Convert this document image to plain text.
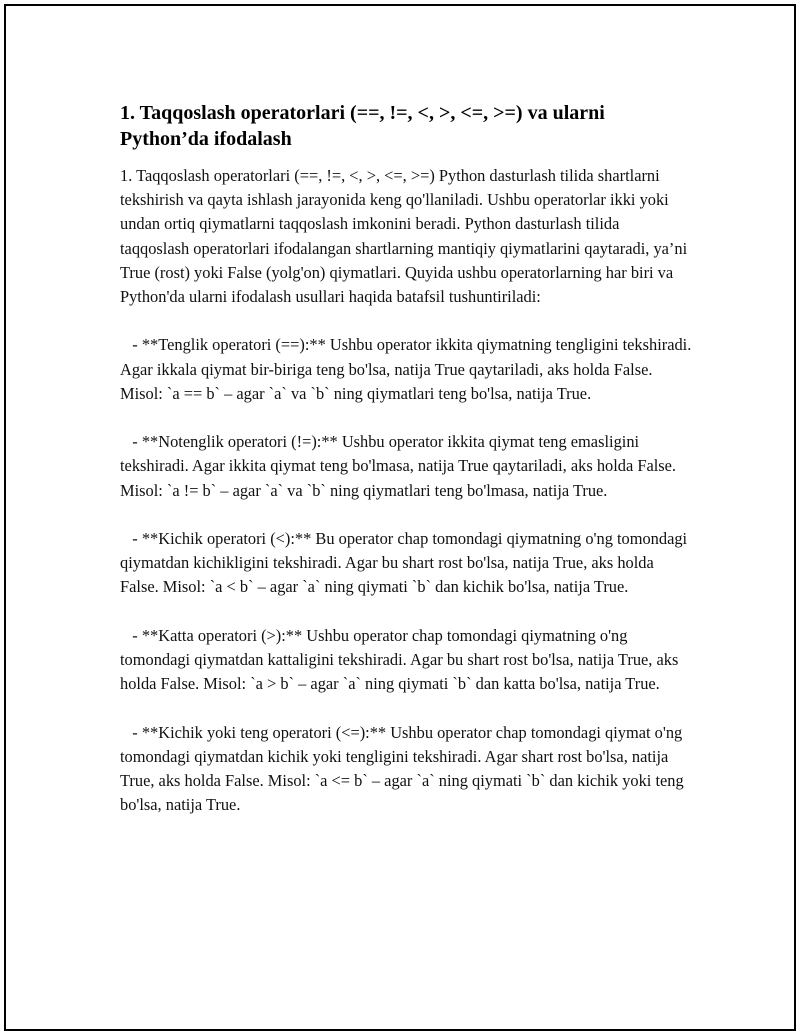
1. Taqqoslash operatorlari (==, !=, <, >, <=, >=) va ularni Python’da ifodalash

1. Taqqoslash operatorlari (==, !=, <, >, <=, >=) Python dasturlash tilida shartlarni tekshirish va qayta ishlash jarayonida keng qo'llaniladi. Ushbu operatorlar ikki yoki undan ortiq qiymatlarni taqqoslash imkonini beradi. Python dasturlash tilida taqqoslash operatorlari ifodalangan shartlarning mantiqiy qiymatlarini qaytaradi, ya’ni True (rost) yoki False (yolg'on) qiymatlari. Quyida ushbu operatorlarning har biri va Python'da ularni ifodalash usullari haqida batafsil tushuntiriladi:

- **Tenglik operatori (==):** Ushbu operator ikkita qiymatning tengligini tekshiradi. Agar ikkala qiymat bir-biriga teng bo'lsa, natija True qaytariladi, aks holda False. Misol: `a == b` – agar `a` va `b` ning qiymatlari teng bo'lsa, natija True.

- **Notenglik operatori (!=):** Ushbu operator ikkita qiymat teng emasligini tekshiradi. Agar ikkita qiymat teng bo'lmasa, natija True qaytariladi, aks holda False. Misol: `a != b` – agar `a` va `b` ning qiymatlari teng bo'lmasa, natija True.

- **Kichik operatori (<):** Bu operator chap tomondagi qiymatning o'ng tomondagi qiymatdan kichikligini tekshiradi. Agar bu shart rost bo'lsa, natija True, aks holda False. Misol: `a < b` – agar `a` ning qiymati `b` dan kichik bo'lsa, natija True.

- **Katta operatori (>):** Ushbu operator chap tomondagi qiymatning o'ng tomondagi qiymatdan kattaligini tekshiradi. Agar bu shart rost bo'lsa, natija True, aks holda False. Misol: `a > b` – agar `a` ning qiymati `b` dan katta bo'lsa, natija True.

- **Kichik yoki teng operatori (<=):** Ushbu operator chap tomondagi qiymat o'ng tomondagi qiymatdan kichik yoki tengligini tekshiradi. Agar shart rost bo'lsa, natija True, aks holda False. Misol: `a <= b` – agar `a` ning qiymati `b` dan kichik yoki teng bo'lsa, natija True.
